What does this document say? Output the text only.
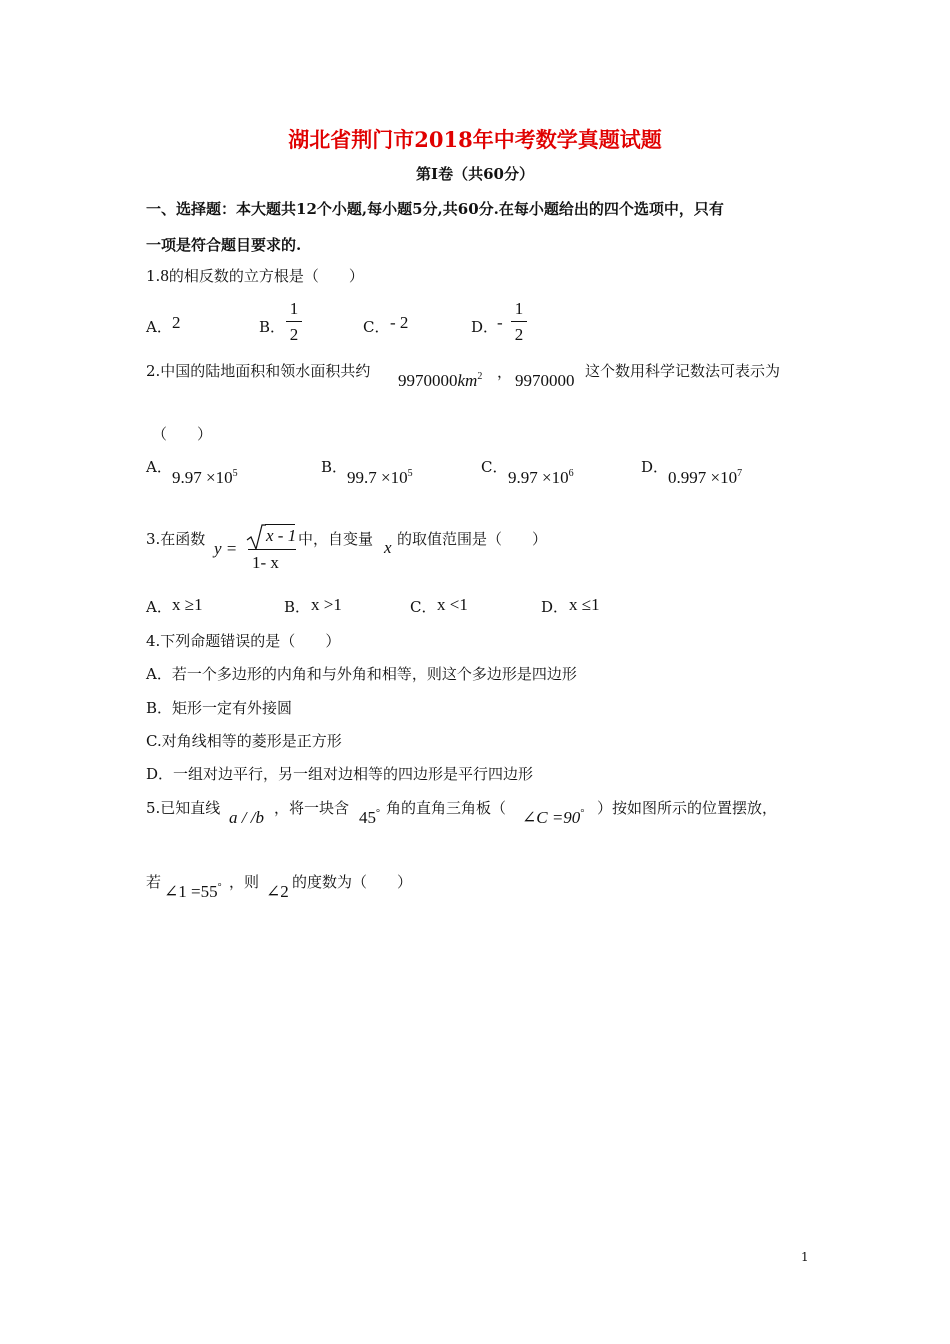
湖北省荆门市2018年中考数学真题试题
第Ⅰ卷（共60分）
一、选择题：本大题共12个小题,每小题5分,共60分.在每小题给出的四个选项中，只有
一项是符合题目要求的.
1.8的相反数的立方根是（　　）
A． 2	B．
1
2	C． - 2	D．
-
1
2
2.中国的陆地面积和领水面积共约 $9970000km^2$ ， 9970000 这个数用科学记数法可表示为
（　　）
A．
$9.97 \times 10^5$	B．
$99.7 \times 10^5$	C．
$9.97 \times 10^6$	D．
$0.997 \times 10^7$
3.在函数 y =
x - 1
1- x
中，自变量 x 的取值范围是（　　）
A． x ≥1	B． x >1	C． x <1	D． x ≤1
4.下列命题错误的是（　　）
A．若一个多边形的内角和与外角和相等，则这个多边形是四边形
B．矩形一定有外接圆
C.对角线相等的菱形是正方形
D．一组对边平行，另一组对边相等的四边形是平行四边形
5.已知直线 a / /b ，将一块含 45° 角的直角三角板（ ∠C =90° ）按如图所示的位置摆放，
若 ∠1 =55° ，则 ∠2 的度数为（　　）
1
